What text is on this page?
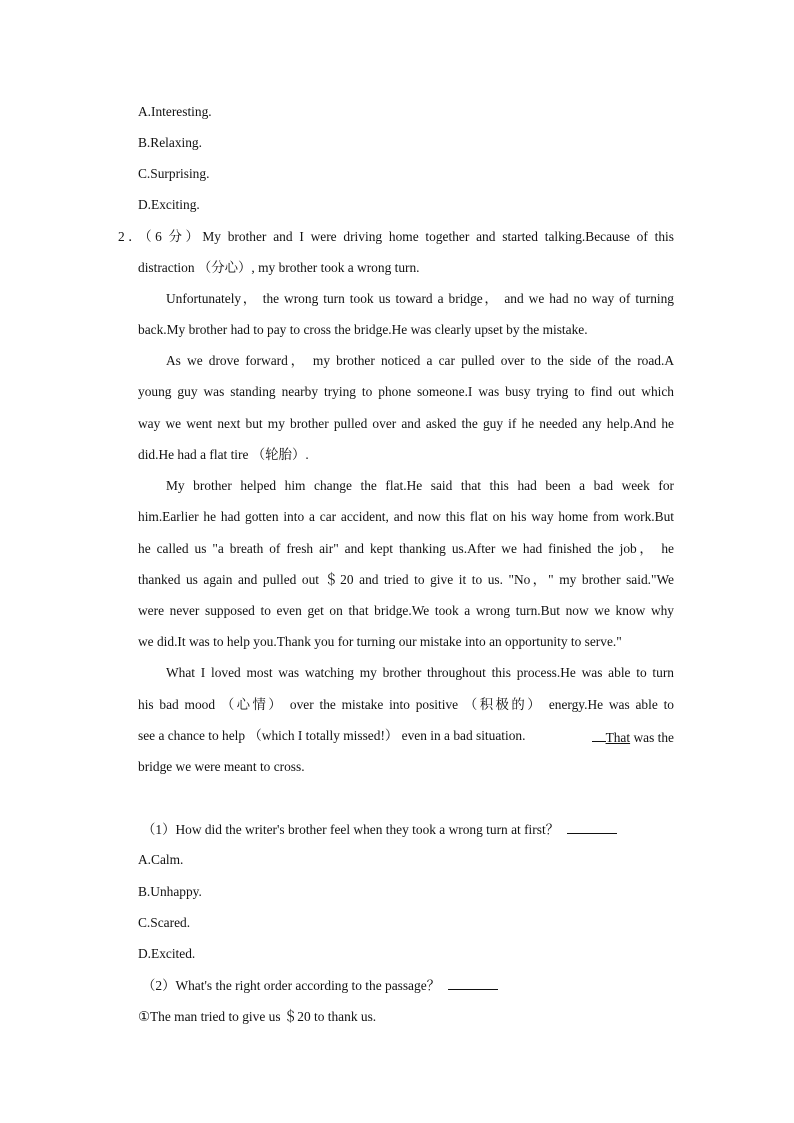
A.Interesting.
B.Relaxing.
C.Surprising.
D.Exciting.
2．（6 分）My brother and I were driving home together and started talking.Because of this
distraction （分心）, my brother took a wrong turn.
Unfortunately， the wrong turn took us toward a bridge， and we had no way of turning
back.My brother had to pay to cross the bridge.He was clearly upset by the mistake.
As we drove forward， my brother noticed a car pulled over to the side of the road.A
young guy was standing nearby trying to phone someone.I was busy trying to find out which
way we went next but my brother pulled over and asked the guy if he needed any help.And he
did.He had a flat tire （轮胎）.
My brother helped him change the flat.He said that this had been a bad week for
him.Earlier he had gotten into a car accident, and now this flat on his way home from work.But
he called us "a breath of fresh air" and kept thanking us.After we had finished the job， he
thanked us again and pulled out ＄20 and tried to give it to us. "No，" my brother said."We
were never supposed to even get on that bridge.We took a wrong turn.But now we know why
we did.It was to help you.Thank you for turning our mistake into an opportunity to serve."
What I loved most was watching my brother throughout this process.He was able to turn
his bad mood （心情） over the mistake into positive （积极的） energy.He was able to
see a chance to help （which I totally missed!） even in a bad situation.	That was the
bridge we were meant to cross.
（1）How did the writer's brother feel when they took a wrong turn at first？
A.Calm.
B.Unhappy.
C.Scared.
D.Excited.
（2）What's the right order according to the passage？
①The man tried to give us ＄20 to thank us.
